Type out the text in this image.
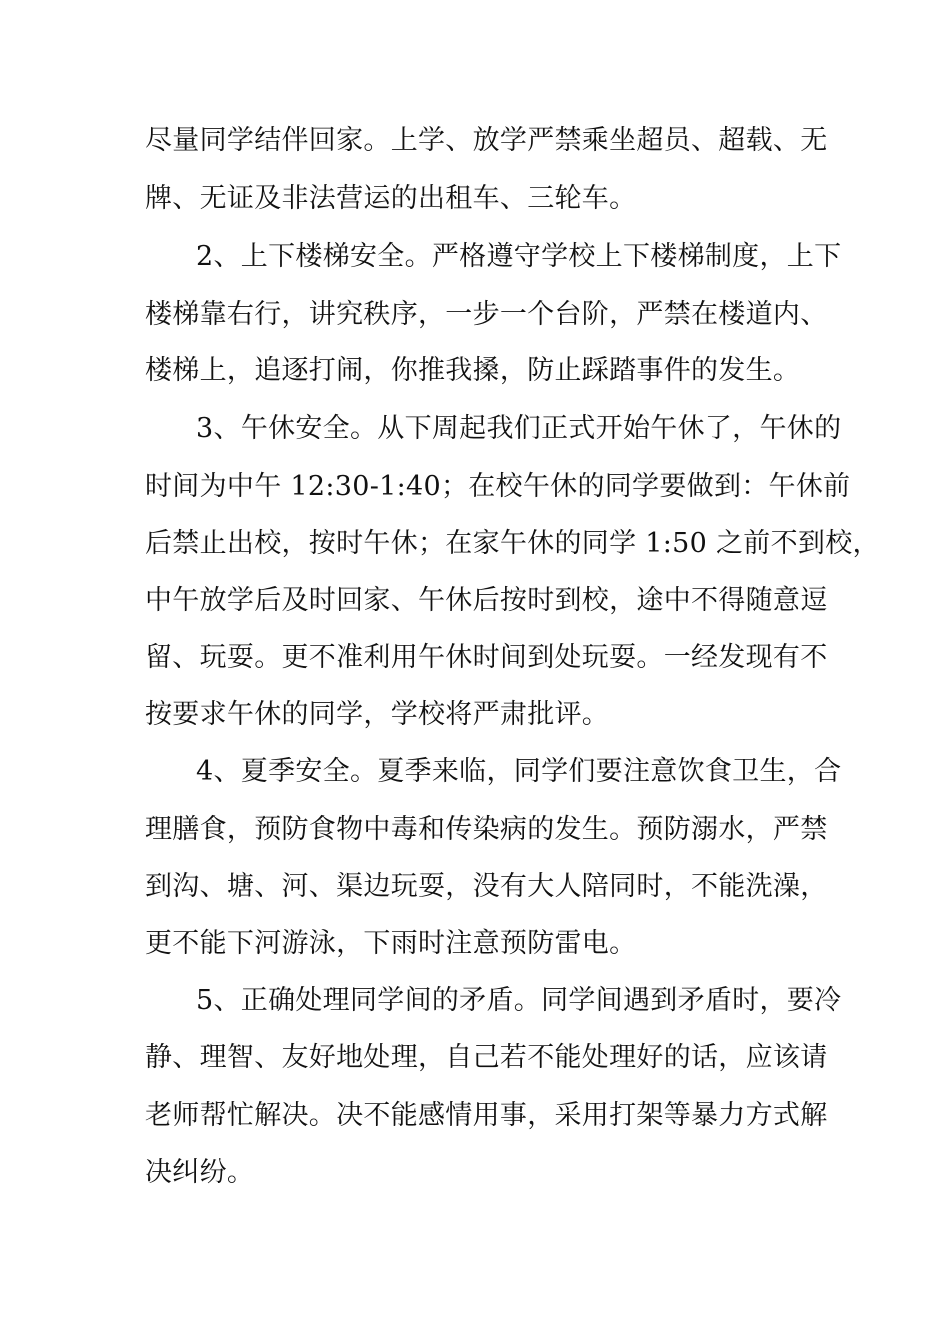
尽量同学结伴回家。上学、放学严禁乘坐超员、超载、无

牌、无证及非法营运的出租车、三轮车。

2、上下楼梯安全。严格遵守学校上下楼梯制度，上下

楼梯靠右行，讲究秩序，一步一个台阶，严禁在楼道内、

楼梯上，追逐打闹，你推我搡，防止踩踏事件的发生。

3、午休安全。从下周起我们正式开始午休了，午休的

时间为中午 12:30-1:40；在校午休的同学要做到：午休前

后禁止出校，按时午休；在家午休的同学 1:50 之前不到校，

中午放学后及时回家、午休后按时到校，途中不得随意逗

留、玩耍。更不准利用午休时间到处玩耍。一经发现有不

按要求午休的同学，学校将严肃批评。

4、夏季安全。夏季来临，同学们要注意饮食卫生，合

理膳食，预防食物中毒和传染病的发生。预防溺水，严禁

到沟、塘、河、渠边玩耍，没有大人陪同时，不能洗澡，

更不能下河游泳，下雨时注意预防雷电。

5、正确处理同学间的矛盾。同学间遇到矛盾时，要冷

静、理智、友好地处理，自己若不能处理好的话，应该请

老师帮忙解决。决不能感情用事，采用打架等暴力方式解

决纠纷。
